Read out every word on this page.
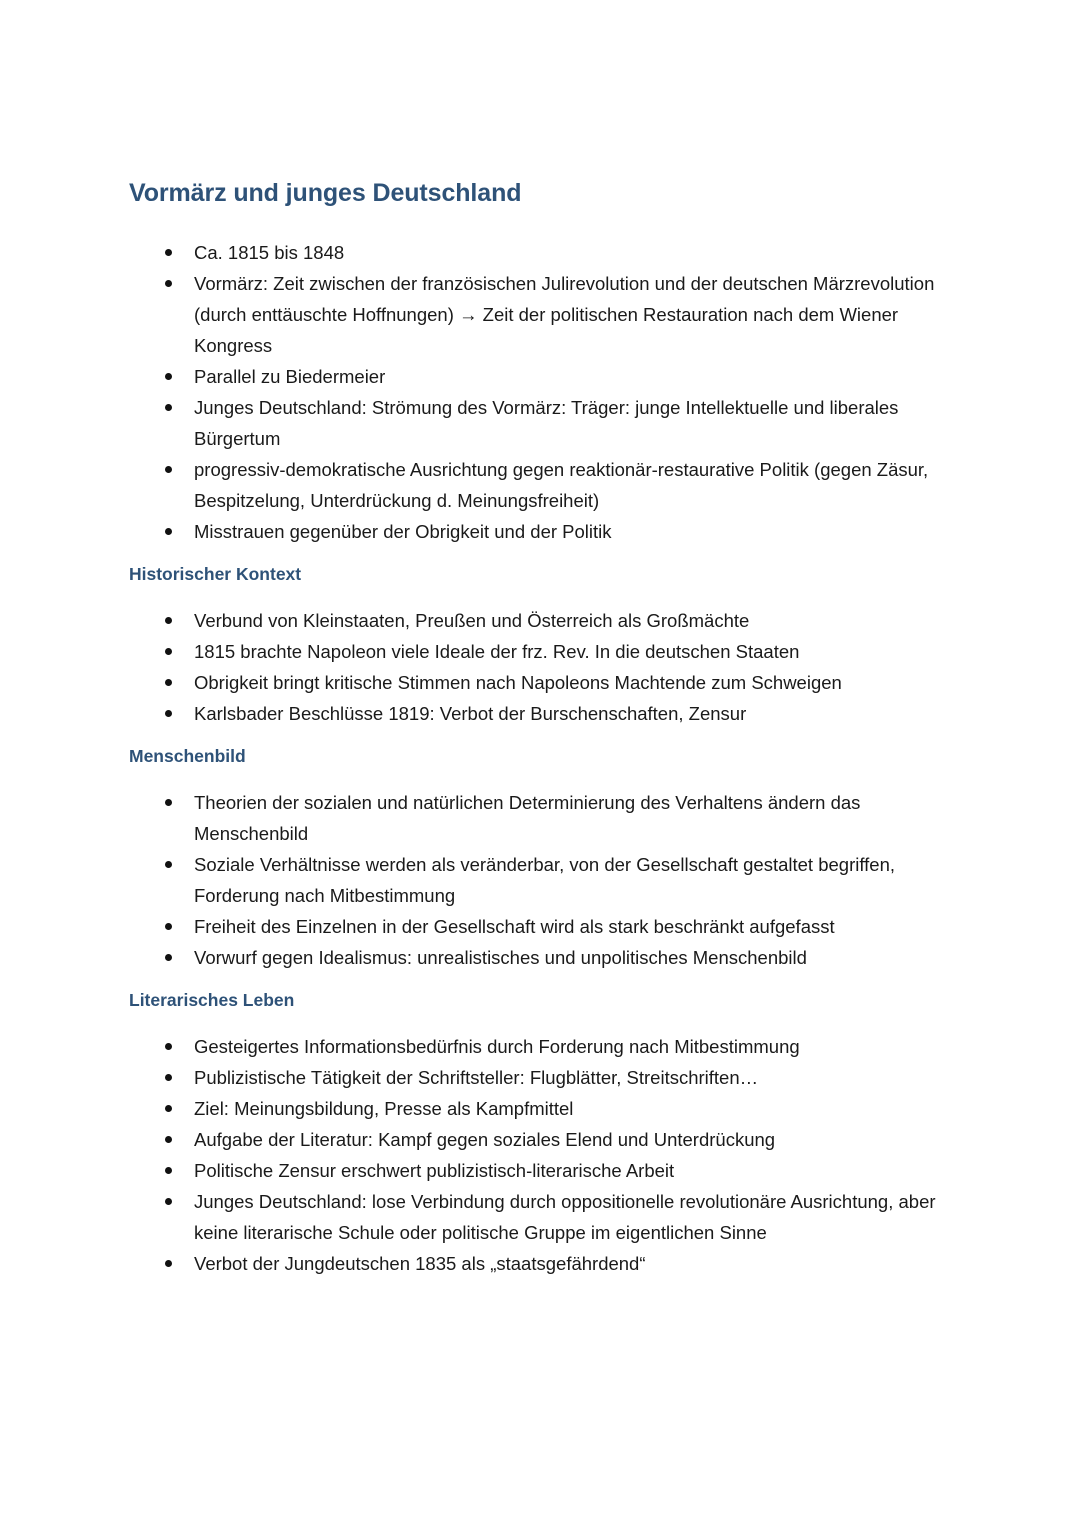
Vormärz und junges Deutschland
Ca. 1815 bis 1848
Vormärz: Zeit zwischen der französischen Julirevolution und der deutschen Märzrevolution (durch enttäuschte Hoffnungen) → Zeit der politischen Restauration nach dem Wiener Kongress
Parallel zu Biedermeier
Junges Deutschland: Strömung des Vormärz: Träger: junge Intellektuelle und liberales Bürgertum
progressiv-demokratische Ausrichtung gegen reaktionär-restaurative Politik (gegen Zäsur, Bespitzelung, Unterdrückung d. Meinungsfreiheit)
Misstrauen gegenüber der Obrigkeit und der Politik
Historischer Kontext
Verbund von Kleinstaaten, Preußen und Österreich als Großmächte
1815 brachte Napoleon viele Ideale der frz. Rev. In die deutschen Staaten
Obrigkeit bringt kritische Stimmen nach Napoleons Machtende zum Schweigen
Karlsbader Beschlüsse 1819: Verbot der Burschenschaften, Zensur
Menschenbild
Theorien der sozialen und natürlichen Determinierung des Verhaltens ändern das Menschenbild
Soziale Verhältnisse werden als veränderbar, von der Gesellschaft gestaltet begriffen, Forderung nach Mitbestimmung
Freiheit des Einzelnen in der Gesellschaft wird als stark beschränkt aufgefasst
Vorwurf gegen Idealismus: unrealistisches und unpolitisches Menschenbild
Literarisches Leben
Gesteigertes Informationsbedürfnis durch Forderung nach Mitbestimmung
Publizistische Tätigkeit der Schriftsteller: Flugblätter, Streitschriften…
Ziel: Meinungsbildung, Presse als Kampfmittel
Aufgabe der Literatur: Kampf gegen soziales Elend und Unterdrückung
Politische Zensur erschwert publizistisch-literarische Arbeit
Junges Deutschland: lose Verbindung durch oppositionelle revolutionäre Ausrichtung, aber keine literarische Schule oder politische Gruppe im eigentlichen Sinne
Verbot der Jungdeutschen 1835 als „staatsgefährdend“
